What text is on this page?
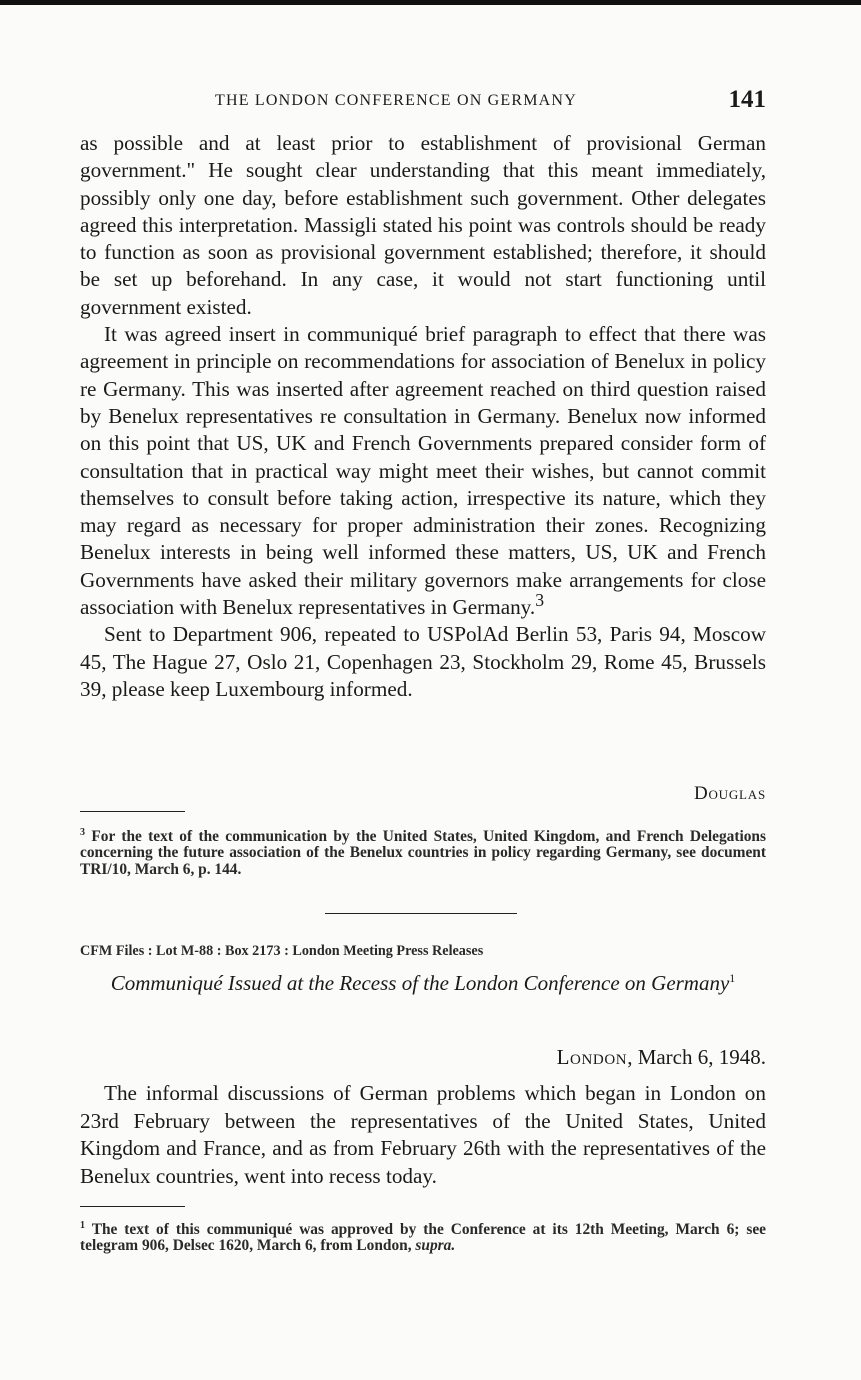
THE LONDON CONFERENCE ON GERMANY	141

as possible and at least prior to establishment of provisional German government." He sought clear understanding that this meant immediately, possibly only one day, before establishment such government. Other delegates agreed this interpretation. Massigli stated his point was controls should be ready to function as soon as provisional government established; therefore, it should be set up beforehand. In any case, it would not start functioning until government existed.

It was agreed insert in communiqué brief paragraph to effect that there was agreement in principle on recommendations for association of Benelux in policy re Germany. This was inserted after agreement reached on third question raised by Benelux representatives re consultation in Germany. Benelux now informed on this point that US, UK and French Governments prepared consider form of consultation that in practical way might meet their wishes, but cannot commit themselves to consult before taking action, irrespective its nature, which they may regard as necessary for proper administration their zones. Recognizing Benelux interests in being well informed these matters, US, UK and French Governments have asked their military governors make arrangements for close association with Benelux representatives in Germany.$^3$

Sent to Department 906, repeated to USPolAd Berlin 53, Paris 94, Moscow 45, The Hague 27, Oslo 21, Copenhagen 23, Stockholm 29, Rome 45, Brussels 39, please keep Luxembourg informed.

Douglas
$^3$ For the text of the communication by the United States, United Kingdom, and French Delegations concerning the future association of the Benelux countries in policy regarding Germany, see document TRI/10, March 6, p. 144.
CFM Files : Lot M-88 : Box 2173 : London Meeting Press Releases
Communiqué Issued at the Recess of the London Conference on Germany$^1$
London, March 6, 1948.

The informal discussions of German problems which began in London on 23rd February between the representatives of the United States, United Kingdom and France, and as from February 26th with the representatives of the Benelux countries, went into recess today.

$^1$ The text of this communiqué was approved by the Conference at its 12th Meeting, March 6; see telegram 906, Delsec 1620, March 6, from London, supra.
